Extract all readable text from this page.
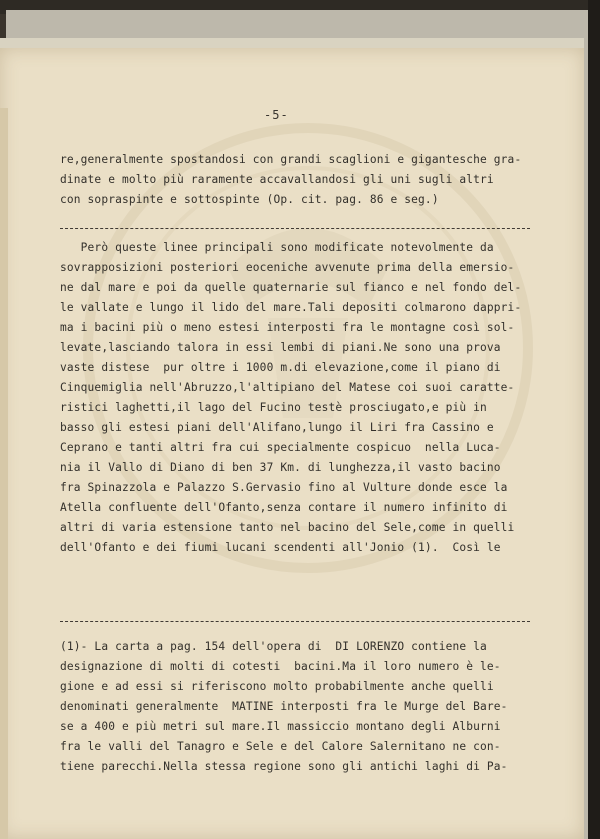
-5-
re,generalmente spostandosi con grandi scaglioni e gigantesche gra-
dinate e molto più raramente accavallandosi gli uni sugli altri
con sopraspinte e sottospinte (Op. cit. pag. 86 e seg.)
Però queste linee principali sono modificate notevolmente da
sovrapposizioni posteriori eoceniche avvenute prima della emersio-
ne dal mare e poi da quelle quaternarie sul fianco e nel fondo del-
le vallate e lungo il lido del mare.Tali depositi colmarono dappri-
ma i bacini più o meno estesi interposti fra le montagne così sol-
levate,lasciando talora in essi lembi di piani.Ne sono una prova
vaste distese  pur oltre i 1000 m.di elevazione,come il piano di
Cinquemiglia nell'Abruzzo,l'altipiano del Matese coi suoi caratte-
ristici laghetti,il lago del Fucino testè prosciugato,e più in
basso gli estesi piani dell'Alifano,lungo il Liri fra Cassino e
Ceprano e tanti altri fra cui specialmente cospicuo  nella Luca-
nia il Vallo di Diano di ben 37 Km. di lunghezza,il vasto bacino
fra Spinazzola e Palazzo S.Gervasio fino al Vulture donde esce la
Atella confluente dell'Ofanto,senza contare il numero infinito di
altri di varia estensione tanto nel bacino del Sele,come in quelli
dell'Ofanto e dei fiumi lucani scendenti all'Jonio (1).  Così le
(1)- La carta a pag. 154 dell'opera di  DI LORENZO contiene la
designazione di molti di cotesti  bacini.Ma il loro numero è le-
gione e ad essi si riferiscono molto probabilmente anche quelli
denominati generalmente  MATINE interposti fra le Murge del Bare-
se a 400 e più metri sul mare.Il massiccio montano degli Alburni
fra le valli del Tanagro e Sele e del Calore Salernitano ne con-
tiene parecchi.Nella stessa regione sono gli antichi laghi di Pa-
